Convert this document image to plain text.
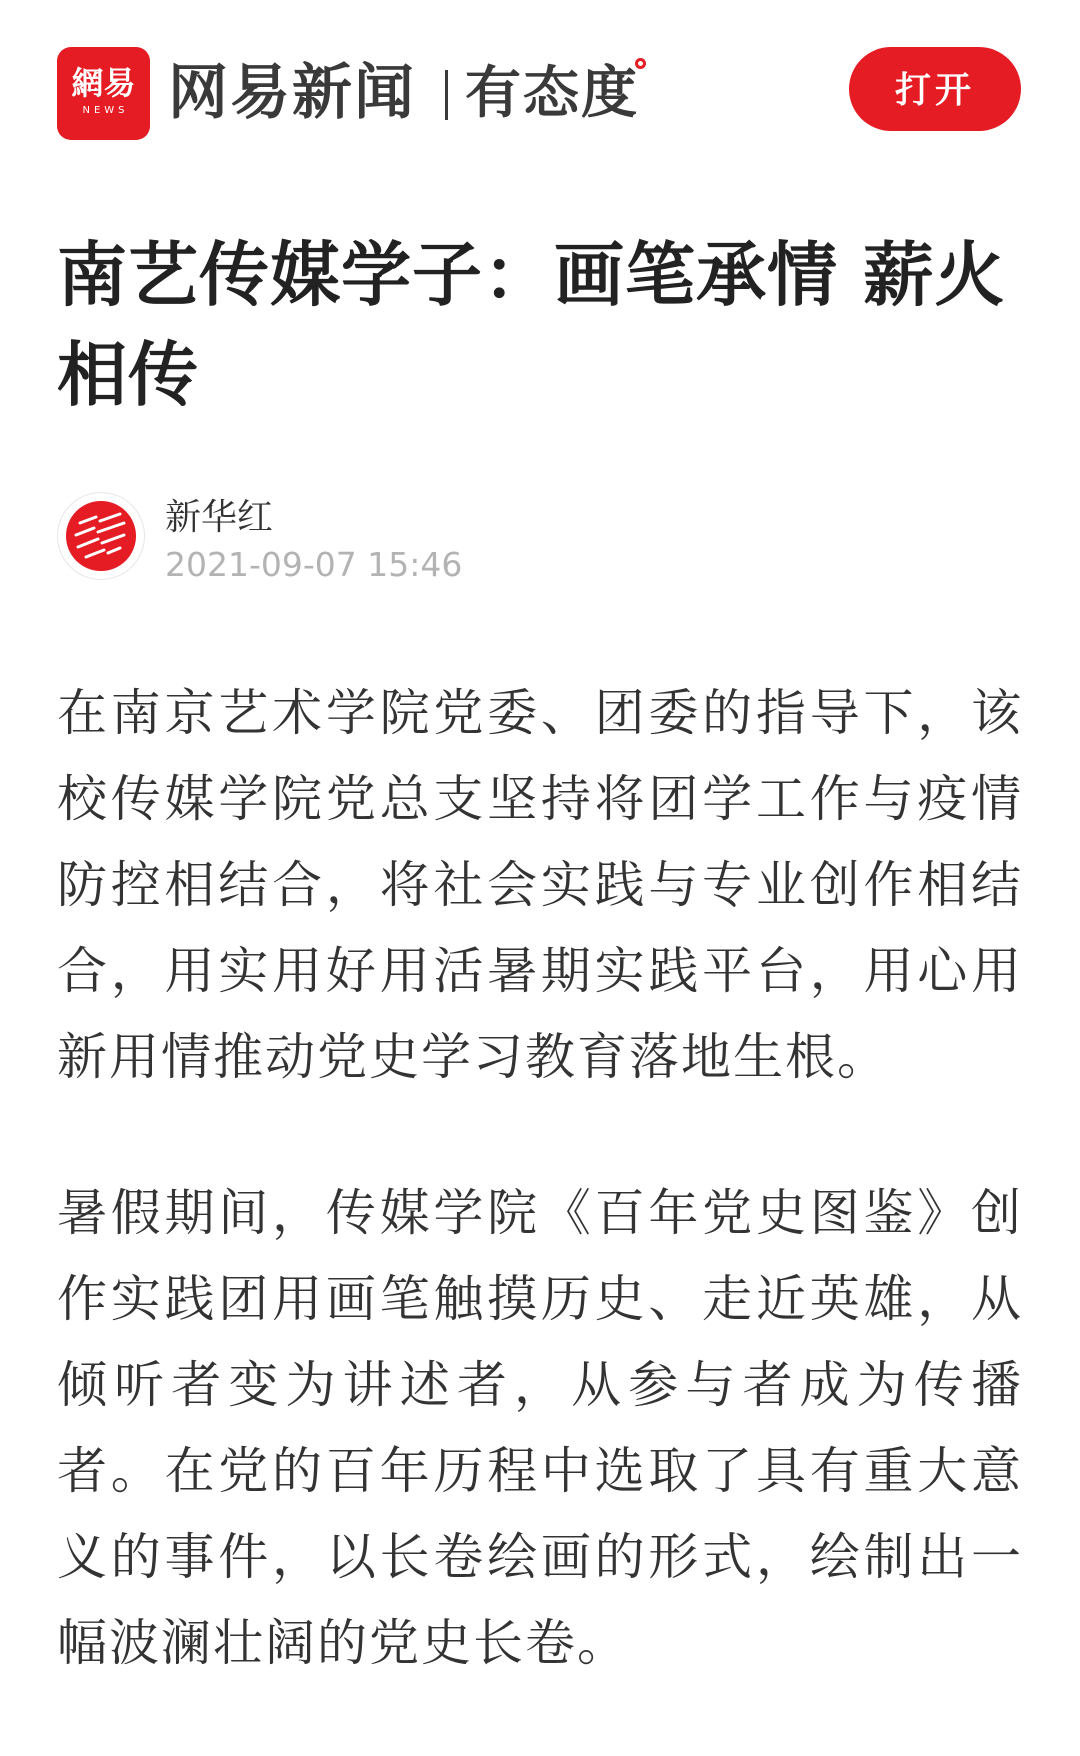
網易
NEWS 网易新闻 有态度	打开
南艺传媒学子：画笔承情 薪火相传
新华红
2021-09-07 15:46

在南京艺术学院党委、团委的指导下，该校传媒学院党总支坚持将团学工作与疫情防控相结合，将社会实践与专业创作相结合，用实用好用活暑期实践平台，用心用新用情推动党史学习教育落地生根。

暑假期间，传媒学院《百年党史图鉴》创作实践团用画笔触摸历史、走近英雄，从倾听者变为讲述者，从参与者成为传播者。在党的百年历程中选取了具有重大意义的事件，以长卷绘画的形式，绘制出一幅波澜壮阔的党史长卷。
